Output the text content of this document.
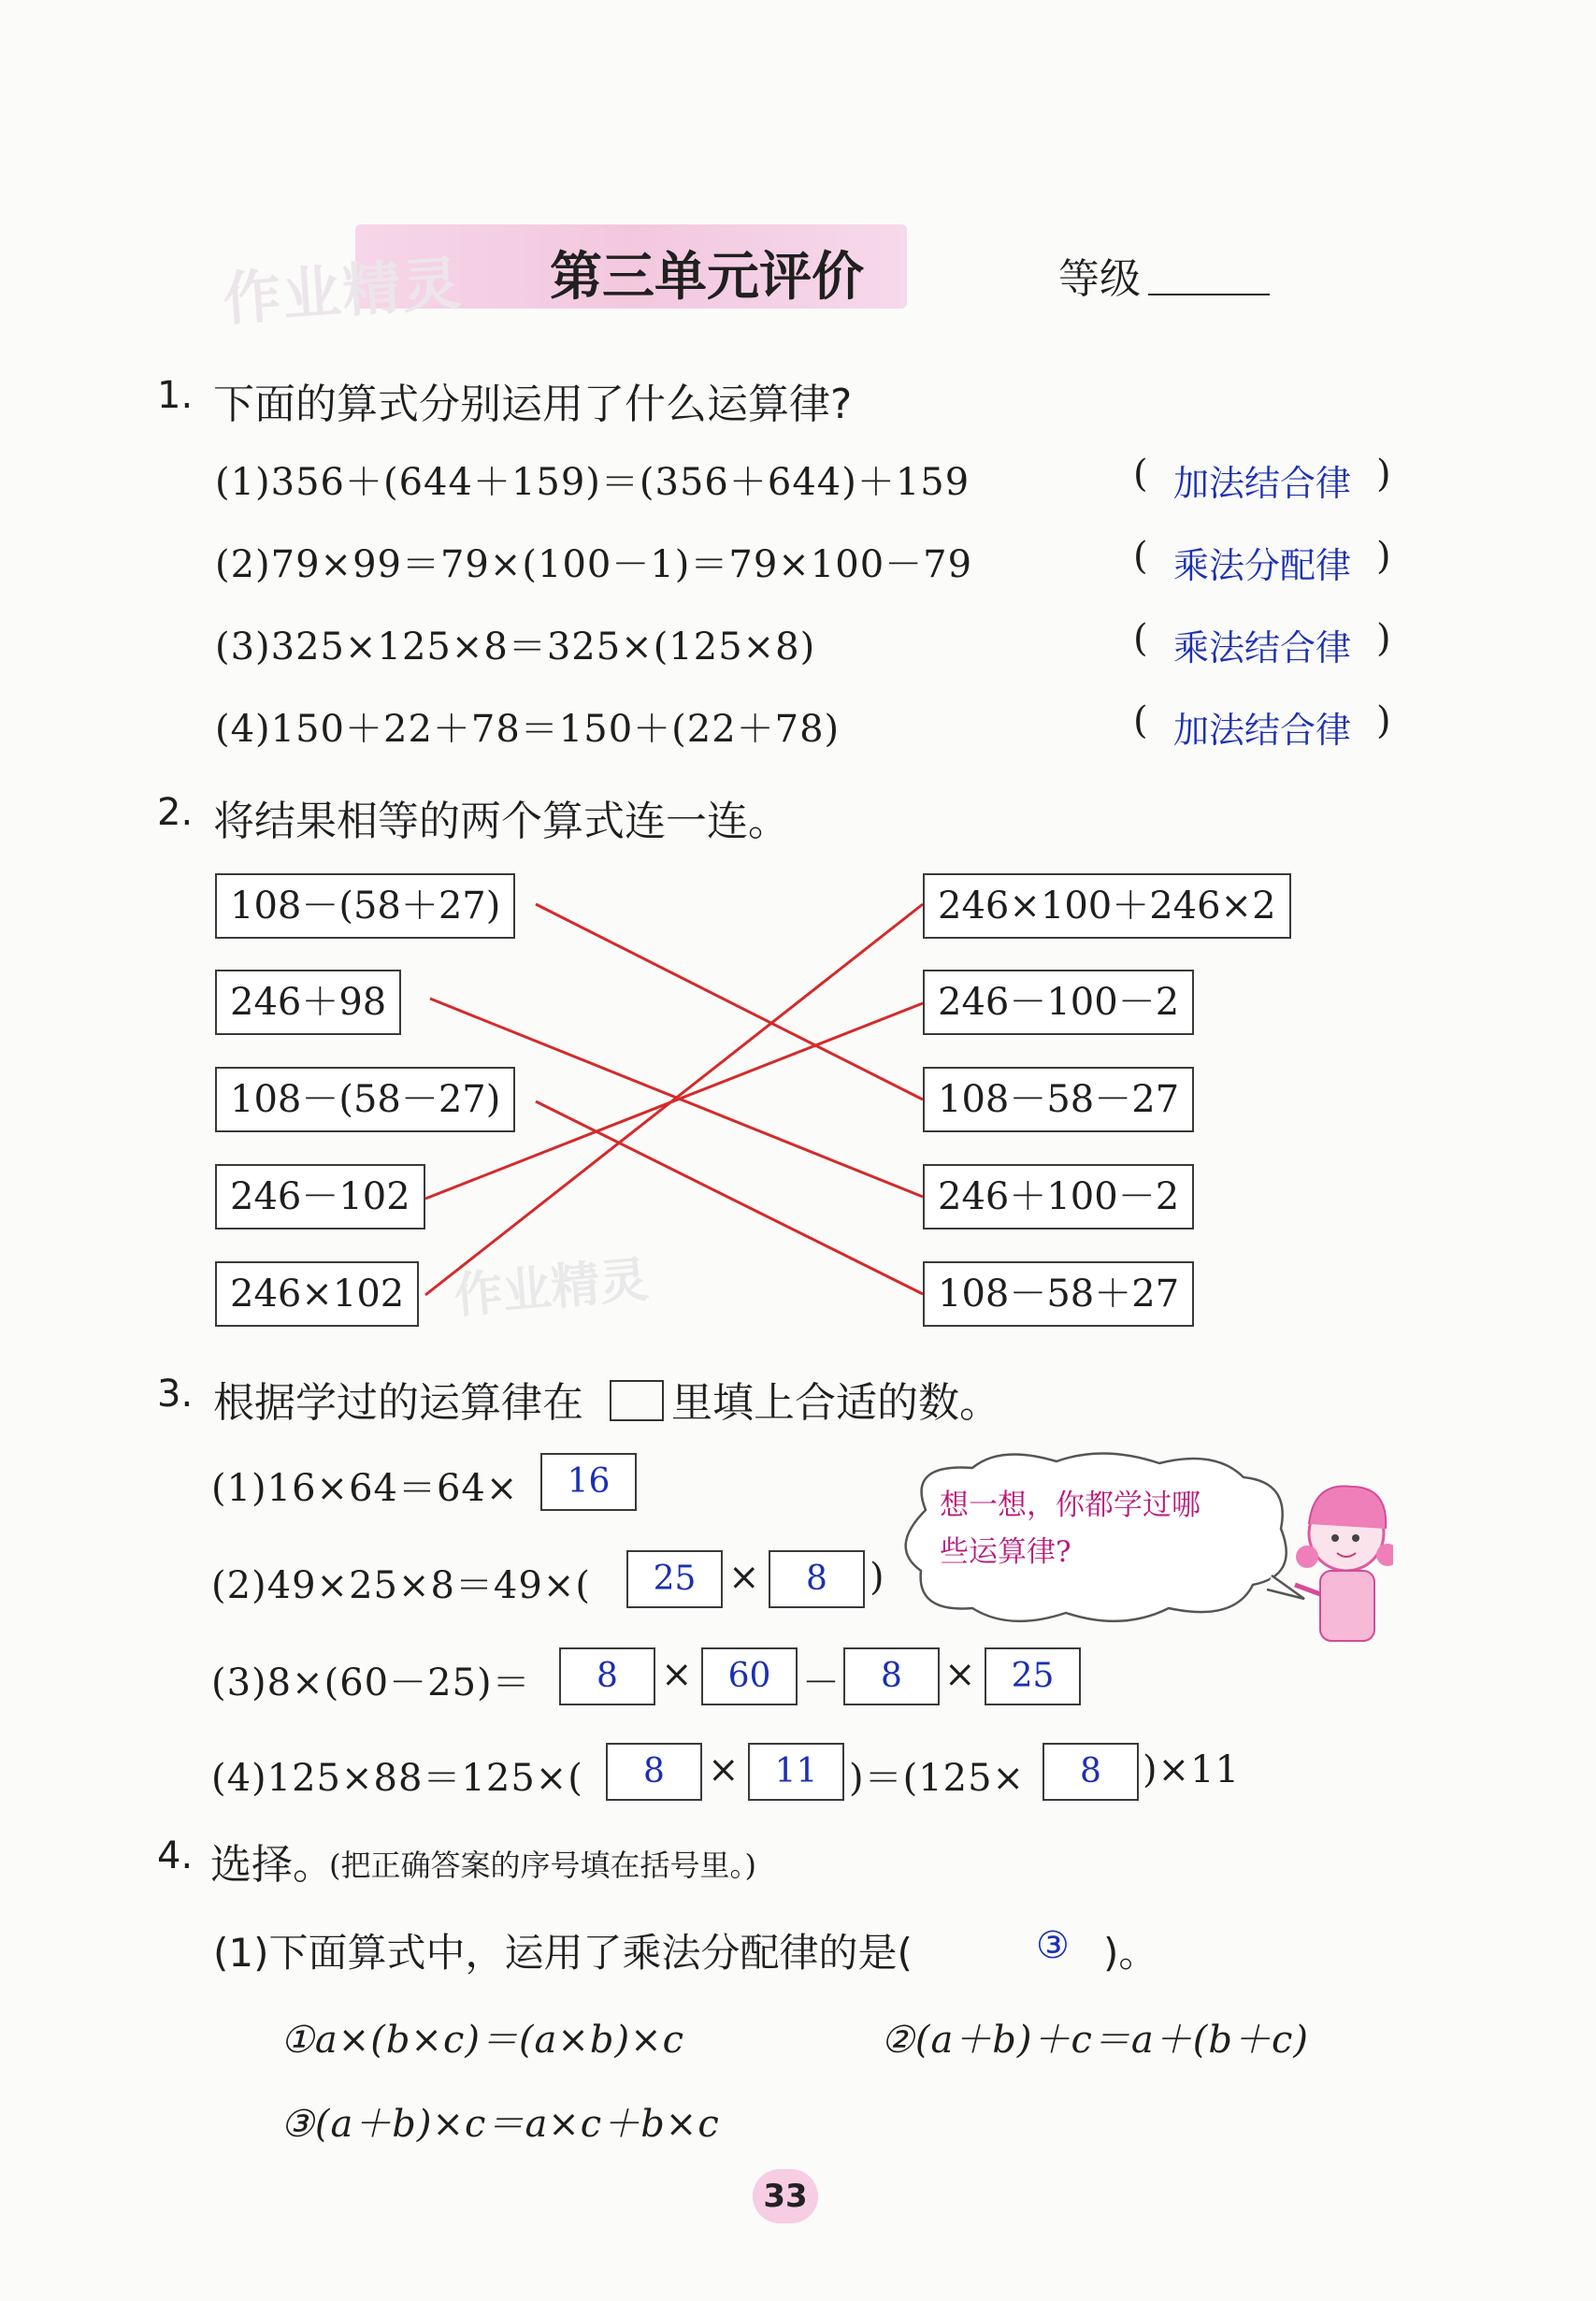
作业精灵 第三单元评价	等级
1. 下面的算式分别运用了什么运算律?
(1)356＋(644＋159)＝(356＋644)＋159	( 加法结合律 )
(2)79×99＝79×(100－1)＝79×100－79	( 乘法分配律 )
(3)325×125×8＝325×(125×8)	( 乘法结合律 )
(4)150＋22＋78＝150＋(22＋78)	( 加法结合律 )
2. 将结果相等的两个算式连一连。
作业精灵
108－(58＋27)
246＋98
108－(58－27)
246－102
246×102
246×100＋246×2
246－100－2
108－58－27
246＋100－2
108－58＋27
3. 根据学过的运算律在 里填上合适的数。
(1)16×64＝64×	16
(2)49×25×8＝49×(	25 ×	8	)
(3)8×(60－25)＝	8	×	60 －	8	×	25
(4)125×88＝125×(	8	×	11 )＝(125×	8	)×11
想一想，你都学过哪
些运算律?
4. 选择。
(把正确答案的序号填在括号里。)
(1)下面算式中，运用了乘法分配律的是(	③ )。
①a×(b×c)＝(a×b)×c	②(a＋b)＋c＝a＋(b＋c)
③(a＋b)×c＝a×c＋b×c
33
